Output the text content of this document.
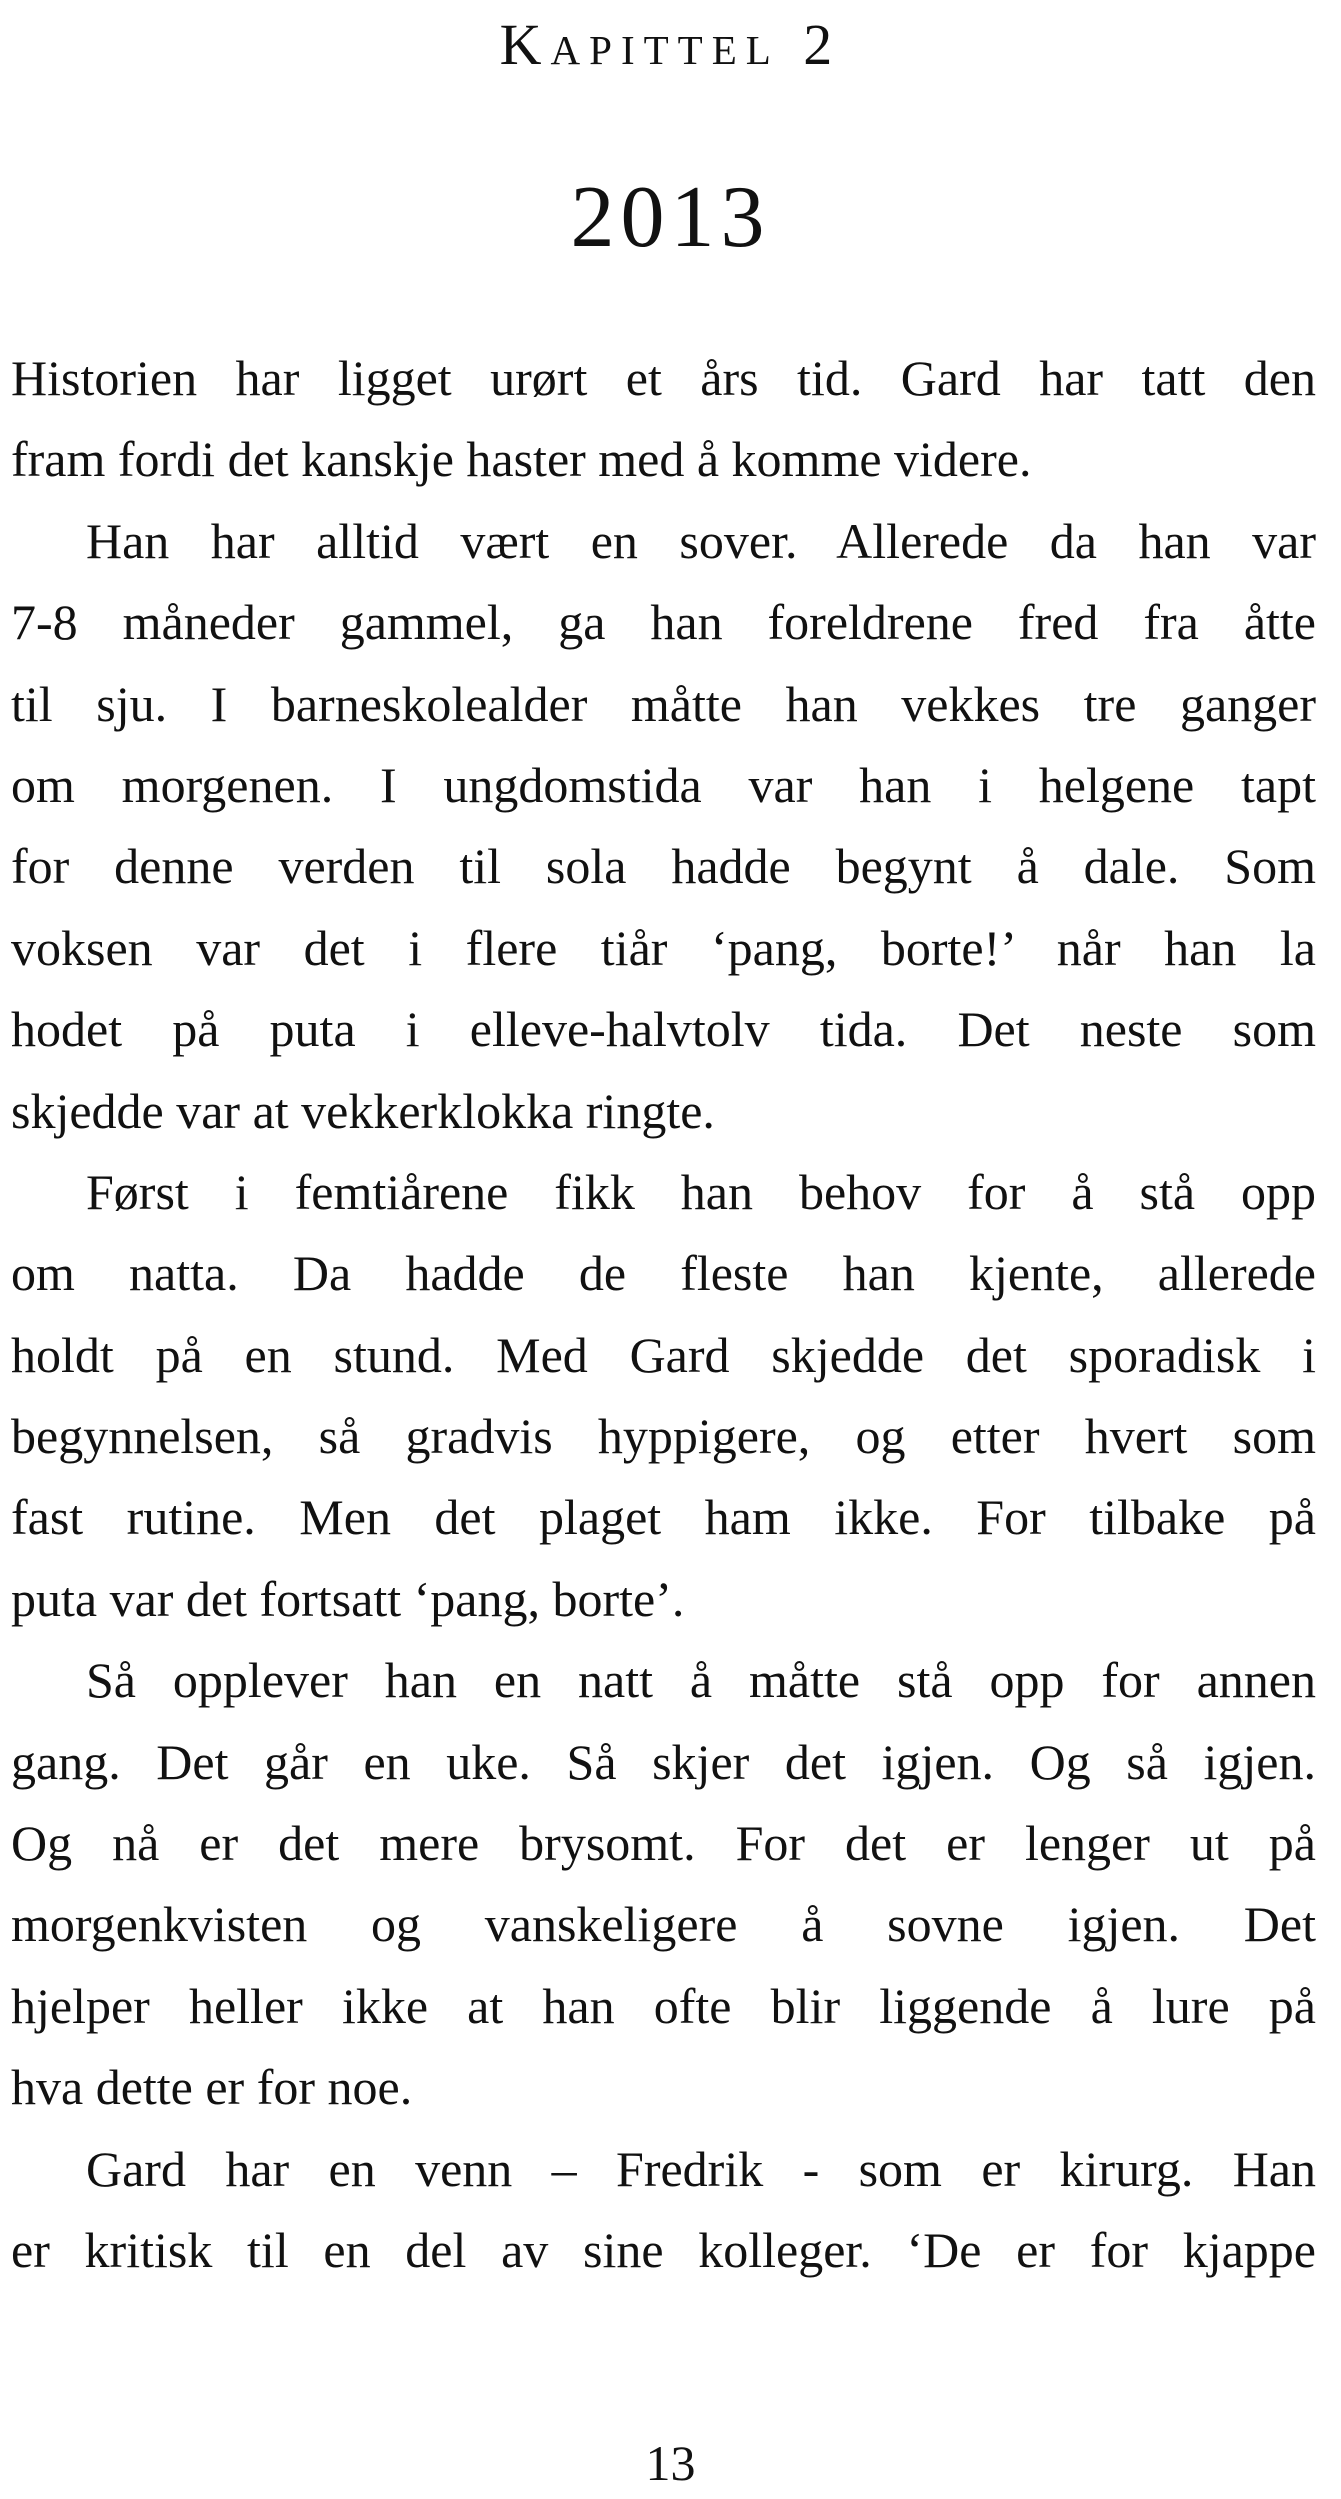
Kapittel 2
2013
Historien har ligget urørt et års tid. Gard har tatt den
fram fordi det kanskje haster med å komme videre.
Han har alltid vært en sover. Allerede da han var
7-8 måneder gammel, ga han foreldrene fred fra åtte
til sju. I barneskolealder måtte han vekkes tre ganger
om morgenen. I ungdomstida var han i helgene tapt
for denne verden til sola hadde begynt å dale. Som
voksen var det i flere tiår ‘pang, borte!’ når han la
hodet på puta i elleve-halvtolv tida. Det neste som
skjedde var at vekkerklokka ringte.
Først i femtiårene fikk han behov for å stå opp
om natta. Da hadde de fleste han kjente, allerede
holdt på en stund. Med Gard skjedde det sporadisk i
begynnelsen, så gradvis hyppigere, og etter hvert som
fast rutine. Men det plaget ham ikke. For tilbake på
puta var det fortsatt ‘pang, borte’.
Så opplever han en natt å måtte stå opp for annen
gang. Det går en uke. Så skjer det igjen. Og så igjen.
Og nå er det mere brysomt. For det er lenger ut på
morgenkvisten og vanskeligere å sovne igjen. Det
hjelper heller ikke at han ofte blir liggende å lure på
hva dette er for noe.
Gard har en venn – Fredrik - som er kirurg. Han
er kritisk til en del av sine kolleger. ‘De er for kjappe
13
